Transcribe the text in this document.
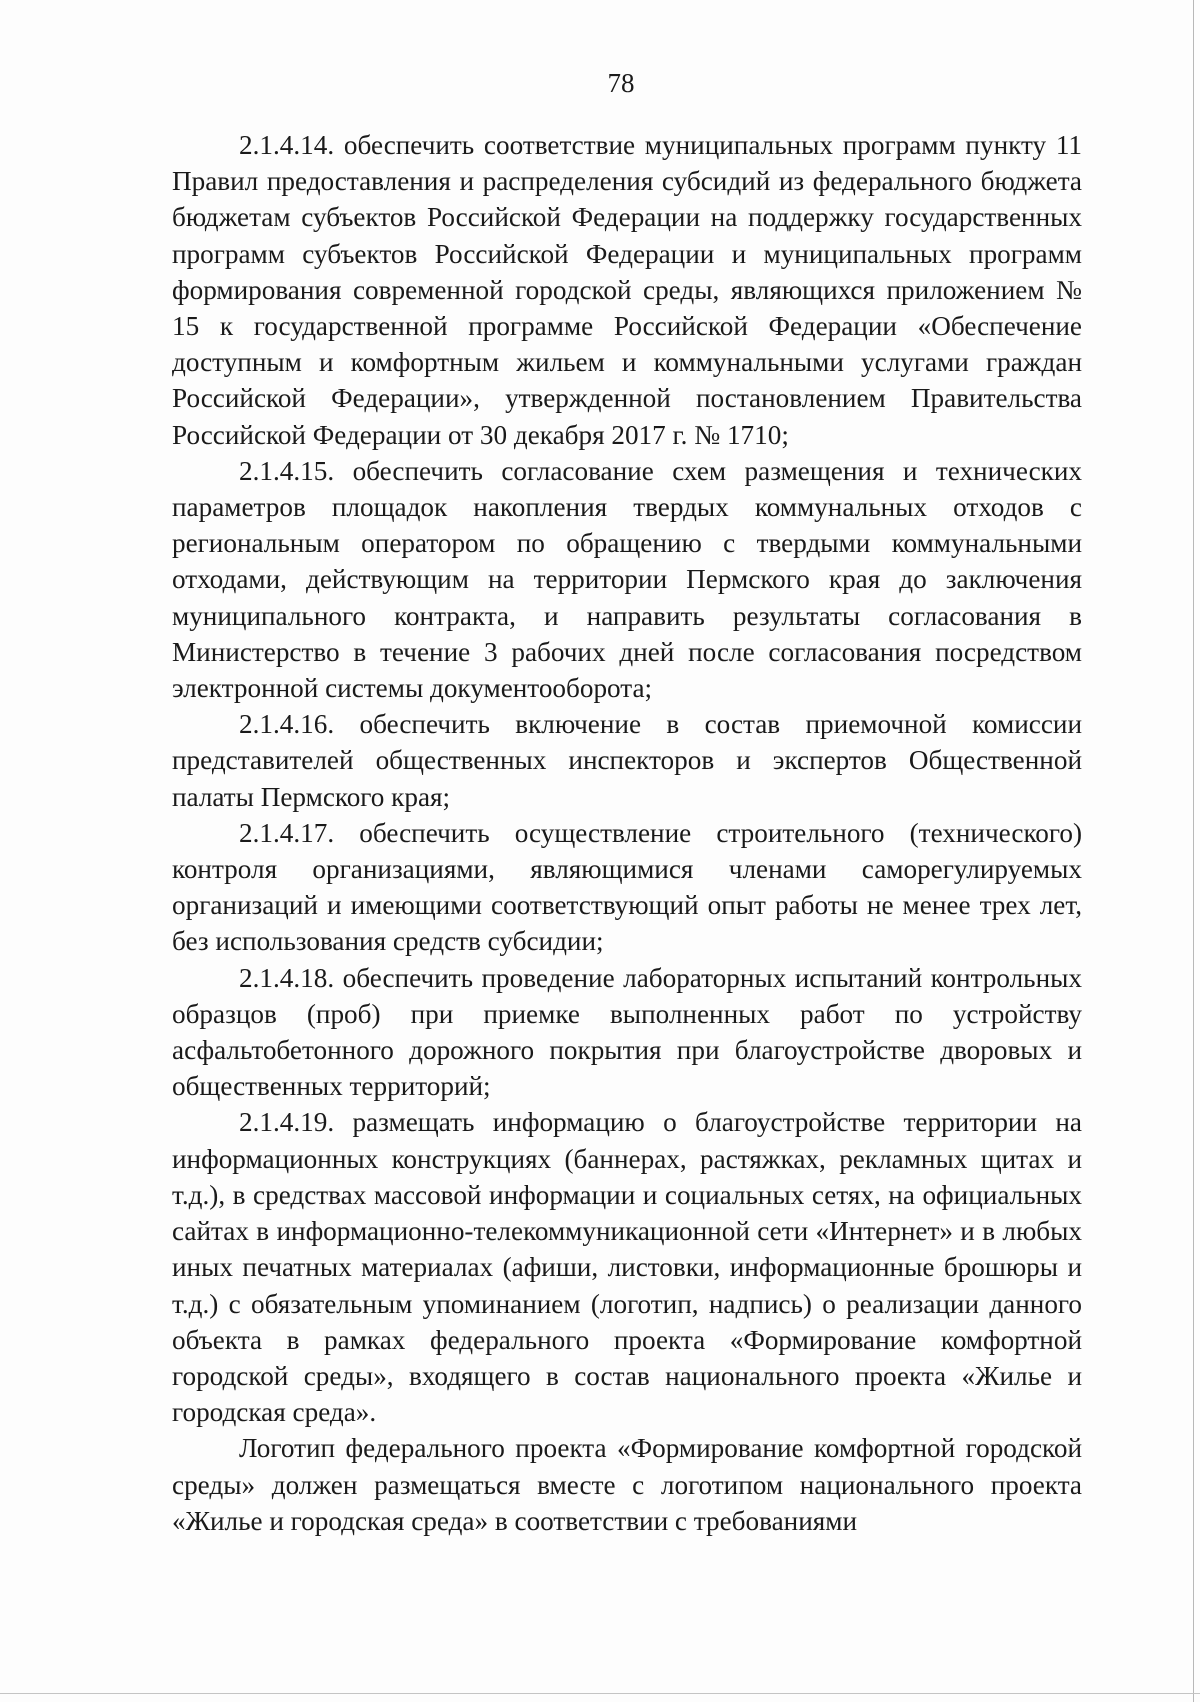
78

2.1.4.14. обеспечить соответствие муниципальных программ пункту 11 Правил предоставления и распределения субсидий из федерального бюджета бюджетам субъектов Российской Федерации на поддержку государственных программ субъектов Российской Федерации и муниципальных программ формирования современной городской среды, являющихся приложением № 15 к государственной программе Российской Федерации «Обеспечение доступным и комфортным жильем и коммунальными услугами граждан Российской Федерации», утвержденной постановлением Правительства Российской Федерации от 30 декабря 2017 г. № 1710;

2.1.4.15. обеспечить согласование схем размещения и технических параметров площадок накопления твердых коммунальных отходов с региональным оператором по обращению с твердыми коммунальными отходами, действующим на территории Пермского края до заключения муниципального контракта, и направить результаты согласования в Министерство в течение 3 рабочих дней после согласования посредством электронной системы документооборота;

2.1.4.16. обеспечить включение в состав приемочной комиссии представителей общественных инспекторов и экспертов Общественной палаты Пермского края;

2.1.4.17. обеспечить осуществление строительного (технического) контроля организациями, являющимися членами саморегулируемых организаций и имеющими соответствующий опыт работы не менее трех лет, без использования средств субсидии;

2.1.4.18. обеспечить проведение лабораторных испытаний контрольных образцов (проб) при приемке выполненных работ по устройству асфальтобетонного дорожного покрытия при благоустройстве дворовых и общественных территорий;

2.1.4.19. размещать информацию о благоустройстве территории на информационных конструкциях (баннерах, растяжках, рекламных щитах и т.д.), в средствах массовой информации и социальных сетях, на официальных сайтах в информационно-телекоммуникационной сети «Интернет» и в любых иных печатных материалах (афиши, листовки, информационные брошюры и т.д.) с обязательным упоминанием (логотип, надпись) о реализации данного объекта в рамках федерального проекта «Формирование комфортной городской среды», входящего в состав национального проекта «Жилье и городская среда».

Логотип федерального проекта «Формирование комфортной городской среды» должен размещаться вместе с логотипом национального проекта «Жилье и городская среда» в соответствии с требованиями
